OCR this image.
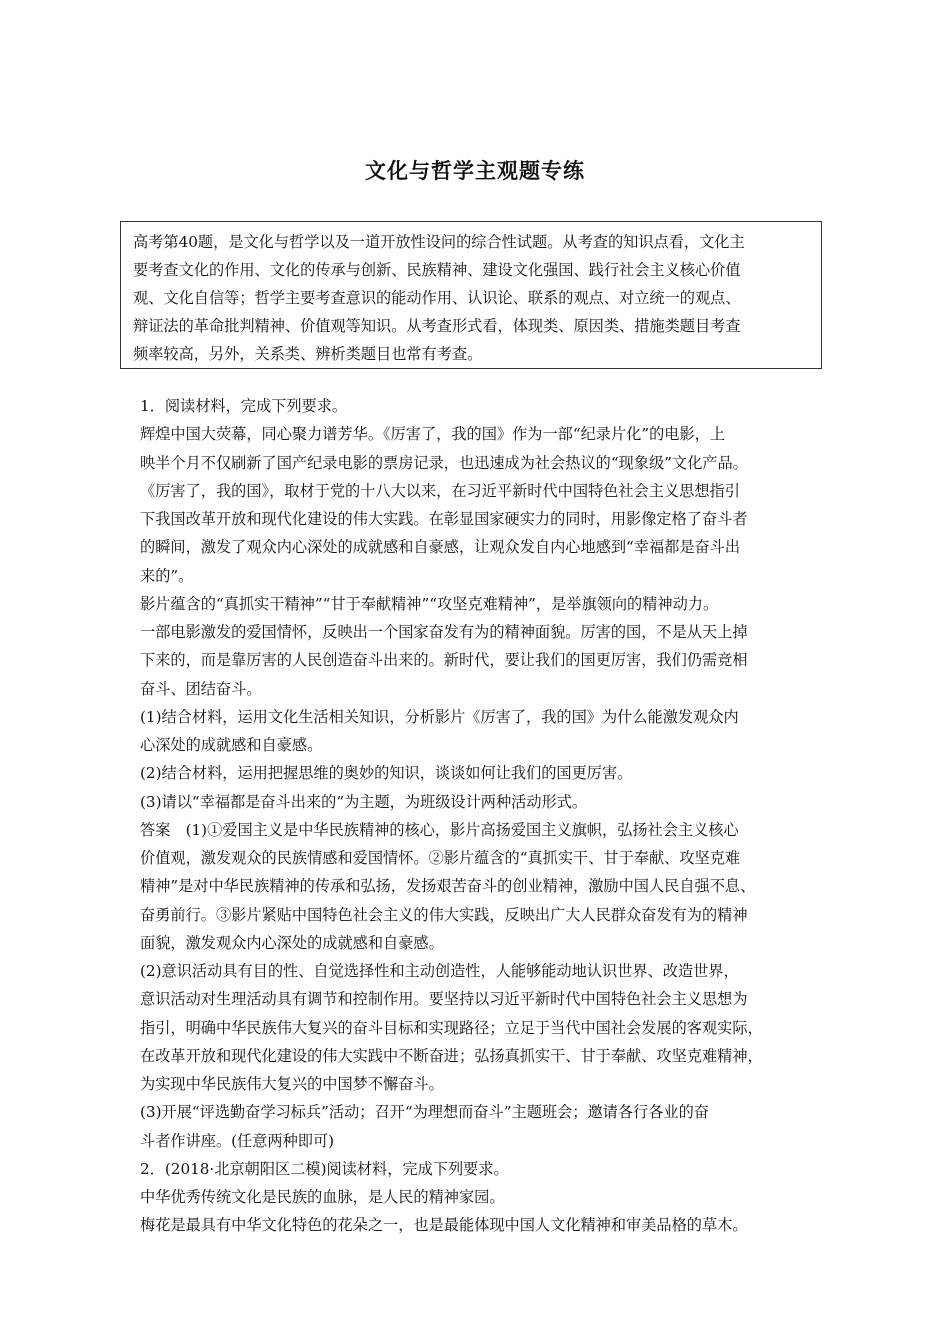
文化与哲学主观题专练
高考第40题，是文化与哲学以及一道开放性设问的综合性试题。从考查的知识点看，文化主
要考查文化的作用、文化的传承与创新、民族精神、建设文化强国、践行社会主义核心价值
观、文化自信等；哲学主要考查意识的能动作用、认识论、联系的观点、对立统一的观点、
辩证法的革命批判精神、价值观等知识。从考查形式看，体现类、原因类、措施类题目考查
频率较高，另外，关系类、辨析类题目也常有考查。
1．阅读材料，完成下列要求。
辉煌中国大荧幕，同心聚力谱芳华。《厉害了，我的国》作为一部“纪录片化”的电影，上
映半个月不仅刷新了国产纪录电影的票房记录，也迅速成为社会热议的“现象级”文化产品。
《厉害了，我的国》，取材于党的十八大以来，在习近平新时代中国特色社会主义思想指引
下我国改革开放和现代化建设的伟大实践。在彰显国家硬实力的同时，用影像定格了奋斗者
的瞬间，激发了观众内心深处的成就感和自豪感，让观众发自内心地感到“幸福都是奋斗出
来的”。
影片蕴含的“真抓实干精神”“甘于奉献精神”“攻坚克难精神”，是举旗领向的精神动力。
一部电影激发的爱国情怀，反映出一个国家奋发有为的精神面貌。厉害的国，不是从天上掉
下来的，而是靠厉害的人民创造奋斗出来的。新时代，要让我们的国更厉害，我们仍需竞相
奋斗、团结奋斗。
(1)结合材料，运用文化生活相关知识，分析影片《厉害了，我的国》为什么能激发观众内
心深处的成就感和自豪感。
(2)结合材料，运用把握思维的奥妙的知识，谈谈如何让我们的国更厉害。
(3)请以“幸福都是奋斗出来的”为主题，为班级设计两种活动形式。
答案　(1)①爱国主义是中华民族精神的核心，影片高扬爱国主义旗帜，弘扬社会主义核心
价值观，激发观众的民族情感和爱国情怀。②影片蕴含的“真抓实干、甘于奉献、攻坚克难
精神”是对中华民族精神的传承和弘扬，发扬艰苦奋斗的创业精神，激励中国人民自强不息、
奋勇前行。③影片紧贴中国特色社会主义的伟大实践，反映出广大人民群众奋发有为的精神
面貌，激发观众内心深处的成就感和自豪感。
(2)意识活动具有目的性、自觉选择性和主动创造性，人能够能动地认识世界、改造世界，
意识活动对生理活动具有调节和控制作用。要坚持以习近平新时代中国特色社会主义思想为
指引，明确中华民族伟大复兴的奋斗目标和实现路径；立足于当代中国社会发展的客观实际，
在改革开放和现代化建设的伟大实践中不断奋进；弘扬真抓实干、甘于奉献、攻坚克难精神，
为实现中华民族伟大复兴的中国梦不懈奋斗。
(3)开展“评选勤奋学习标兵”活动；召开“为理想而奋斗”主题班会；邀请各行各业的奋
斗者作讲座。(任意两种即可)
2．(2018·北京朝阳区二模)阅读材料，完成下列要求。
中华优秀传统文化是民族的血脉，是人民的精神家园。
梅花是最具有中华文化特色的花朵之一，也是最能体现中国人文化精神和审美品格的草木。
